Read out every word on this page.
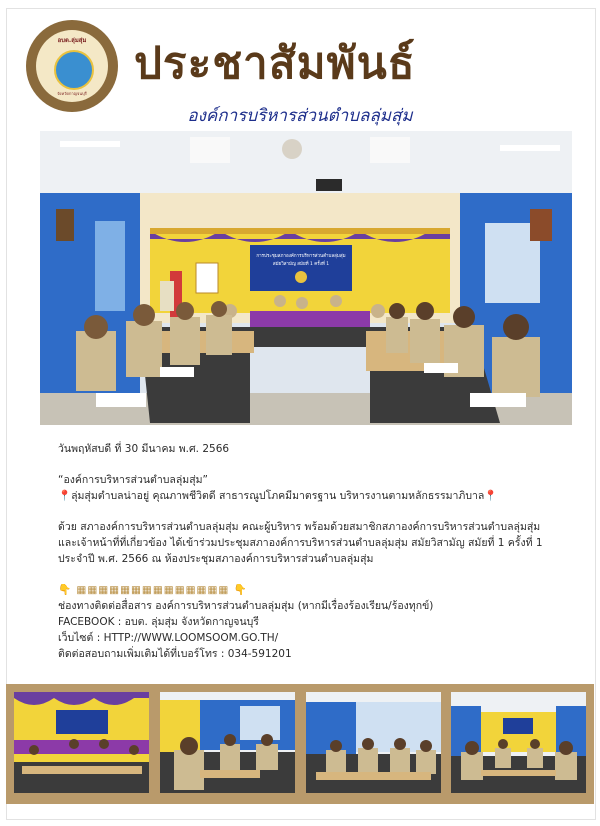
อบต.ลุ่มสุ่ม
จังหวัดกาญจนบุรี
ประชาสัมพันธ์
องค์การบริหารส่วนตำบลลุ่มสุ่ม
การประชุมสภาองค์การบริหารส่วนตำบลลุ่มสุ่ม
สมัยวิสามัญ สมัยที่ 1 ครั้งที่ 1
วันพฤหัสบดี ที่ 30 มีนาคม พ.ศ. 2566
“องค์การบริหารส่วนตำบลลุ่มสุ่ม”
📍ลุ่มสุ่มตำบลน่าอยู่ คุณภาพชีวิตดี สาธารณูปโภคมีมาตรฐาน บริหารงานตามหลักธรรมาภิบาล📍
ด้วย สภาองค์การบริหารส่วนตำบลลุ่มสุ่ม คณะผู้บริหาร พร้อมด้วยสมาชิกสภาองค์การบริหารส่วนตำบลลุ่มสุ่ม
และเจ้าหน้าที่ที่เกี่ยวข้อง ได้เข้าร่วมประชุมสภาองค์การบริหารส่วนตำบลลุ่มสุ่ม สมัยวิสามัญ สมัยที่ 1 ครั้งที่ 1
ประจำปี พ.ศ. 2566 ณ ห้องประชุมสภาองค์การบริหารส่วนตำบลลุ่มสุ่ม
👇 ▦▦▦▦▦▦▦▦▦▦▦▦▦▦ 👇
ช่องทางติดต่อสื่อสาร องค์การบริหารส่วนตำบลลุ่มสุ่ม (หากมีเรื่องร้องเรียน/ร้องทุกข์)
FACEBOOK : อบต. ลุ่มสุ่ม จังหวัดกาญจนบุรี
เว็บไซต์ : HTTP://WWW.LOOMSOOM.GO.TH/
ติดต่อสอบถามเพิ่มเติมได้ที่เบอร์โทร : 034-591201
